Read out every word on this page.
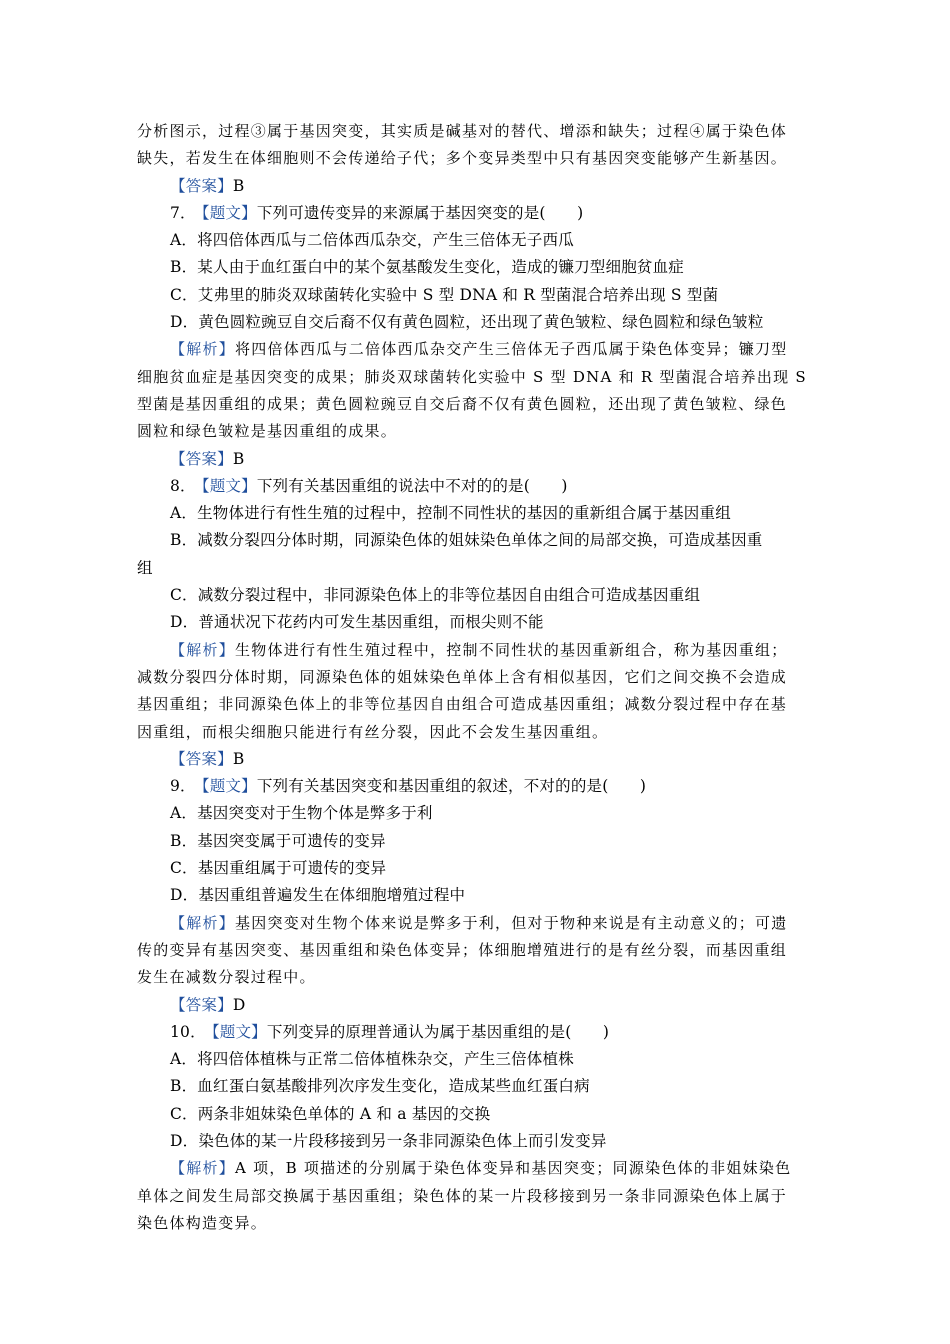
分析图示，过程③属于基因突变，其实质是碱基对的替代、增添和缺失；过程④属于染色体
缺失，若发生在体细胞则不会传递给子代；多个变异类型中只有基因突变能够产生新基因。
【答案】B
7． 【题文】下列可遗传变异的来源属于基因突变的是(　　)
A．将四倍体西瓜与二倍体西瓜杂交，产生三倍体无子西瓜
B．某人由于血红蛋白中的某个氨基酸发生变化，造成的镰刀型细胞贫血症
C．艾弗里的肺炎双球菌转化实验中 S 型 DNA 和 R 型菌混合培养出现 S 型菌
D．黄色圆粒豌豆自交后裔不仅有黄色圆粒，还出现了黄色皱粒、绿色圆粒和绿色皱粒
【解析】将四倍体西瓜与二倍体西瓜杂交产生三倍体无子西瓜属于染色体变异；镰刀型
细胞贫血症是基因突变的成果；肺炎双球菌转化实验中 S 型 DNA 和 R 型菌混合培养出现 S
型菌是基因重组的成果；黄色圆粒豌豆自交后裔不仅有黄色圆粒，还出现了黄色皱粒、绿色
圆粒和绿色皱粒是基因重组的成果。
【答案】B
8． 【题文】下列有关基因重组的说法中不对的的是(　　)
A．生物体进行有性生殖的过程中，控制不同性状的基因的重新组合属于基因重组
B．减数分裂四分体时期，同源染色体的姐妹染色单体之间的局部交换，可造成基因重
组
C．减数分裂过程中，非同源染色体上的非等位基因自由组合可造成基因重组
D．普通状况下花药内可发生基因重组，而根尖则不能
【解析】生物体进行有性生殖过程中，控制不同性状的基因重新组合，称为基因重组；
减数分裂四分体时期，同源染色体的姐妹染色单体上含有相似基因，它们之间交换不会造成
基因重组；非同源染色体上的非等位基因自由组合可造成基因重组；减数分裂过程中存在基
因重组，而根尖细胞只能进行有丝分裂，因此不会发生基因重组。
【答案】B
9． 【题文】下列有关基因突变和基因重组的叙述，不对的的是(　　)
A．基因突变对于生物个体是弊多于利
B．基因突变属于可遗传的变异
C．基因重组属于可遗传的变异
D．基因重组普遍发生在体细胞增殖过程中
【解析】基因突变对生物个体来说是弊多于利，但对于物种来说是有主动意义的；可遗
传的变异有基因突变、基因重组和染色体变异；体细胞增殖进行的是有丝分裂，而基因重组
发生在减数分裂过程中。
【答案】D
10． 【题文】下列变异的原理普通认为属于基因重组的是(　　)
A．将四倍体植株与正常二倍体植株杂交，产生三倍体植株
B．血红蛋白氨基酸排列次序发生变化，造成某些血红蛋白病
C．两条非姐妹染色单体的 A 和 a 基因的交换
D．染色体的某一片段移接到另一条非同源染色体上而引发变异
【解析】A 项，B 项描述的分别属于染色体变异和基因突变；同源染色体的非姐妹染色
单体之间发生局部交换属于基因重组；染色体的某一片段移接到另一条非同源染色体上属于
染色体构造变异。
